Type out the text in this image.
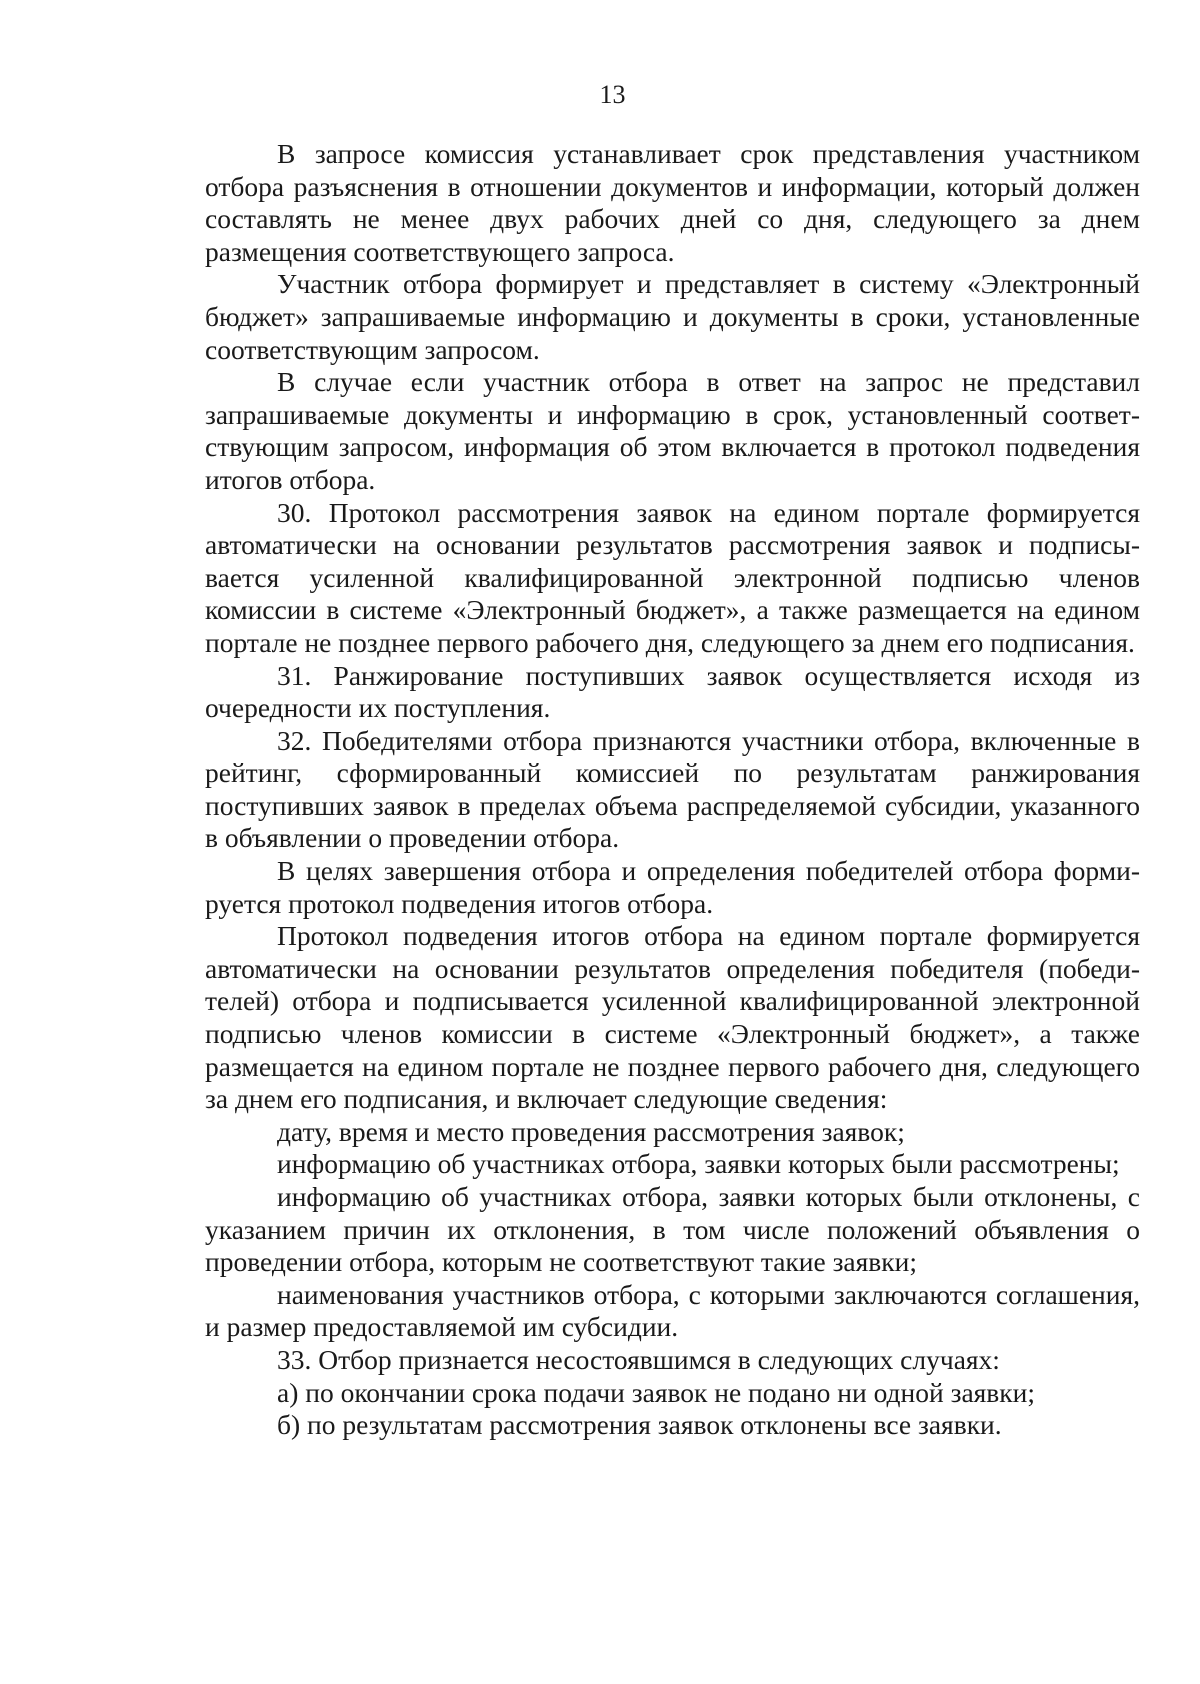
13

В запросе комиссия устанавливает срок представления участником отбора разъяснения в отношении документов и информации, который должен составлять не менее двух рабочих дней со дня, следующего за днем размещения соответствующего запроса.

Участник отбора формирует и представляет в систему «Электронный бюджет» запрашиваемые информацию и документы в сроки, установленные соответствующим запросом.

В случае если участник отбора в ответ на запрос не представил запрашиваемые документы и информацию в срок, установленный соответствующим запросом, информация об этом включается в протокол подведения итогов отбора.

30. Протокол рассмотрения заявок на едином портале формируется автоматически на основании результатов рассмотрения заявок и подписывается усиленной квалифицированной электронной подписью членов комиссии в системе «Электронный бюджет», а также размещается на едином портале не позднее первого рабочего дня, следующего за днем его подписания.

31. Ранжирование поступивших заявок осуществляется исходя из очередности их поступления.

32. Победителями отбора признаются участники отбора, включенные в рейтинг, сформированный комиссией по результатам ранжирования поступивших заявок в пределах объема распределяемой субсидии, указанного в объявлении о проведении отбора.

В целях завершения отбора и определения победителей отбора формируется протокол подведения итогов отбора.

Протокол подведения итогов отбора на едином портале формируется автоматически на основании результатов определения победителя (победителей) отбора и подписывается усиленной квалифицированной электронной подписью членов комиссии в системе «Электронный бюджет», а также размещается на едином портале не позднее первого рабочего дня, следующего за днем его подписания, и включает следующие сведения:

дату, время и место проведения рассмотрения заявок;

информацию об участниках отбора, заявки которых были рассмотрены;

информацию об участниках отбора, заявки которых были отклонены, с указанием причин их отклонения, в том числе положений объявления о проведении отбора, которым не соответствуют такие заявки;

наименования участников отбора, с которыми заключаются соглашения, и размер предоставляемой им субсидии.

33. Отбор признается несостоявшимся в следующих случаях:

а) по окончании срока подачи заявок не подано ни одной заявки;

б) по результатам рассмотрения заявок отклонены все заявки.
